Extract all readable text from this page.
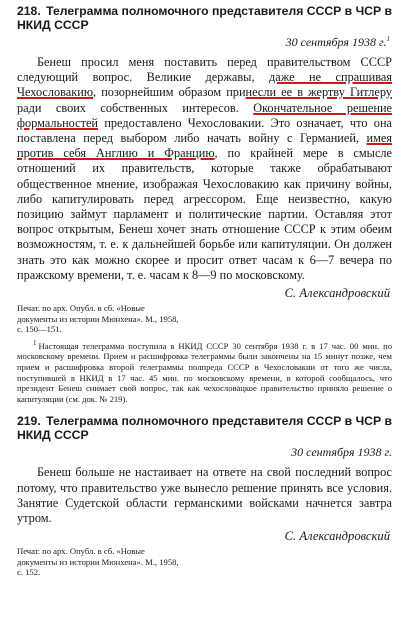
218. Телеграмма полномочного представителя СССР в ЧСР в НКИД СССР
30 сентября 1938 г.$^1$

Бенеш просил меня поставить перед правительством СССР следующий вопрос. Великие державы, даже не спрашивая Чехословакию, позорнейшим образом принесли ее в жертву Гитлеру ради своих собственных интересов. Окончательное решение формальностей предоставлено Чехословакии. Это означает, что она поставлена перед выбором либо начать войну с Германией, имея против себя Англию и Францию, по крайней мере в смысле отношений их правительств, которые также обрабатывают общественное мнение, изображая Чехословакию как причину войны, либо капитулировать перед агрессором. Еще неизвестно, какую позицию займут парламент и политические партии. Оставляя этот вопрос открытым, Бенеш хочет знать отношение СССР к этим обеим возможностям, т. е. к дальнейшей борьбе или капитуляции. Он должен знать это как можно скорее и просит ответ часам к 6—7 вечера по пражскому времени, т. е. часам к 8—9 по московскому.

С. Александровский
Печат. по арх. Опубл. в сб. «Новые документы из истории Мюнхена». М., 1958, с. 150—151.

$^1$ Настоящая телеграмма поступила в НКИД СССР 30 сентября 1938 г. в 17 час. 00 мин. по московскому времени. Прием и расшифровка телеграммы были закончены на 15 минут позже, чем прием и расшифровка второй телеграммы полпреда СССР в Чехословакии от того же числа, поступившей в НКИД в 17 час. 45 мин. по московскому времени, в которой сообщалось, что президент Бенеш снимает свой вопрос, так как чехословацкое правительство приняло решение о капитуляции (см. док. № 219).

219. Телеграмма полномочного представителя СССР в ЧСР в НКИД СССР
30 сентября 1938 г.

Бенеш больше не настаивает на ответе на свой последний вопрос потому, что правительство уже вынесло решение принять все условия. Занятие Судетской области германскими войсками начнется завтра утром.

С. Александровский
Печат. по арх. Опубл. в сб. «Новые документы из истории Мюнхена». М., 1958, с. 152.
